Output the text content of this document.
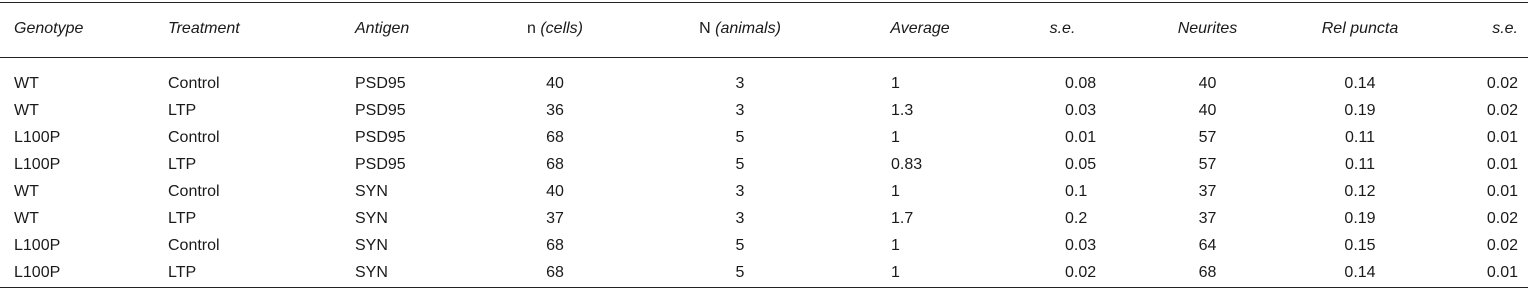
Genotype	Treatment	Antigen	n (cells)	N (animals)	Average	s.e.	Neurites	Rel puncta	s.e.

WT	Control	PSD95	40	3	1	0.08	40	0.14	0.02
WT	LTP	PSD95	36	3	1.3	0.03	40	0.19	0.02
L100P	Control	PSD95	68	5	1	0.01	57	0.11	0.01
L100P	LTP	PSD95	68	5	0.83	0.05	57	0.11	0.01
WT	Control	SYN	40	3	1	0.1	37	0.12	0.01
WT	LTP	SYN	37	3	1.7	0.2	37	0.19	0.02
L100P	Control	SYN	68	5	1	0.03	64	0.15	0.02
L100P	LTP	SYN	68	5	1	0.02	68	0.14	0.01
